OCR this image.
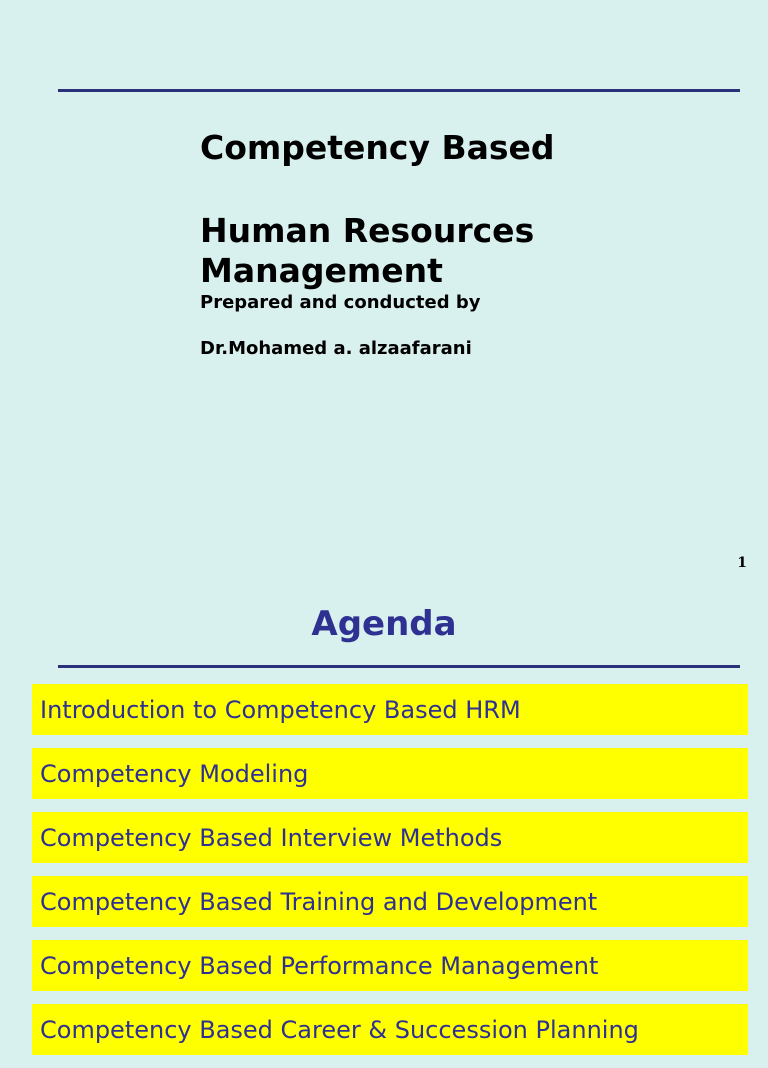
Competency Based
Human Resources Management

Prepared and conducted by

Dr.Mohamed a. alzaafarani

1
Agenda
Introduction to Competency Based HRM
Competency Modeling
Competency Based Interview Methods
Competency Based Training and Development
Competency Based Performance Management
Competency Based Career & Succession Planning
